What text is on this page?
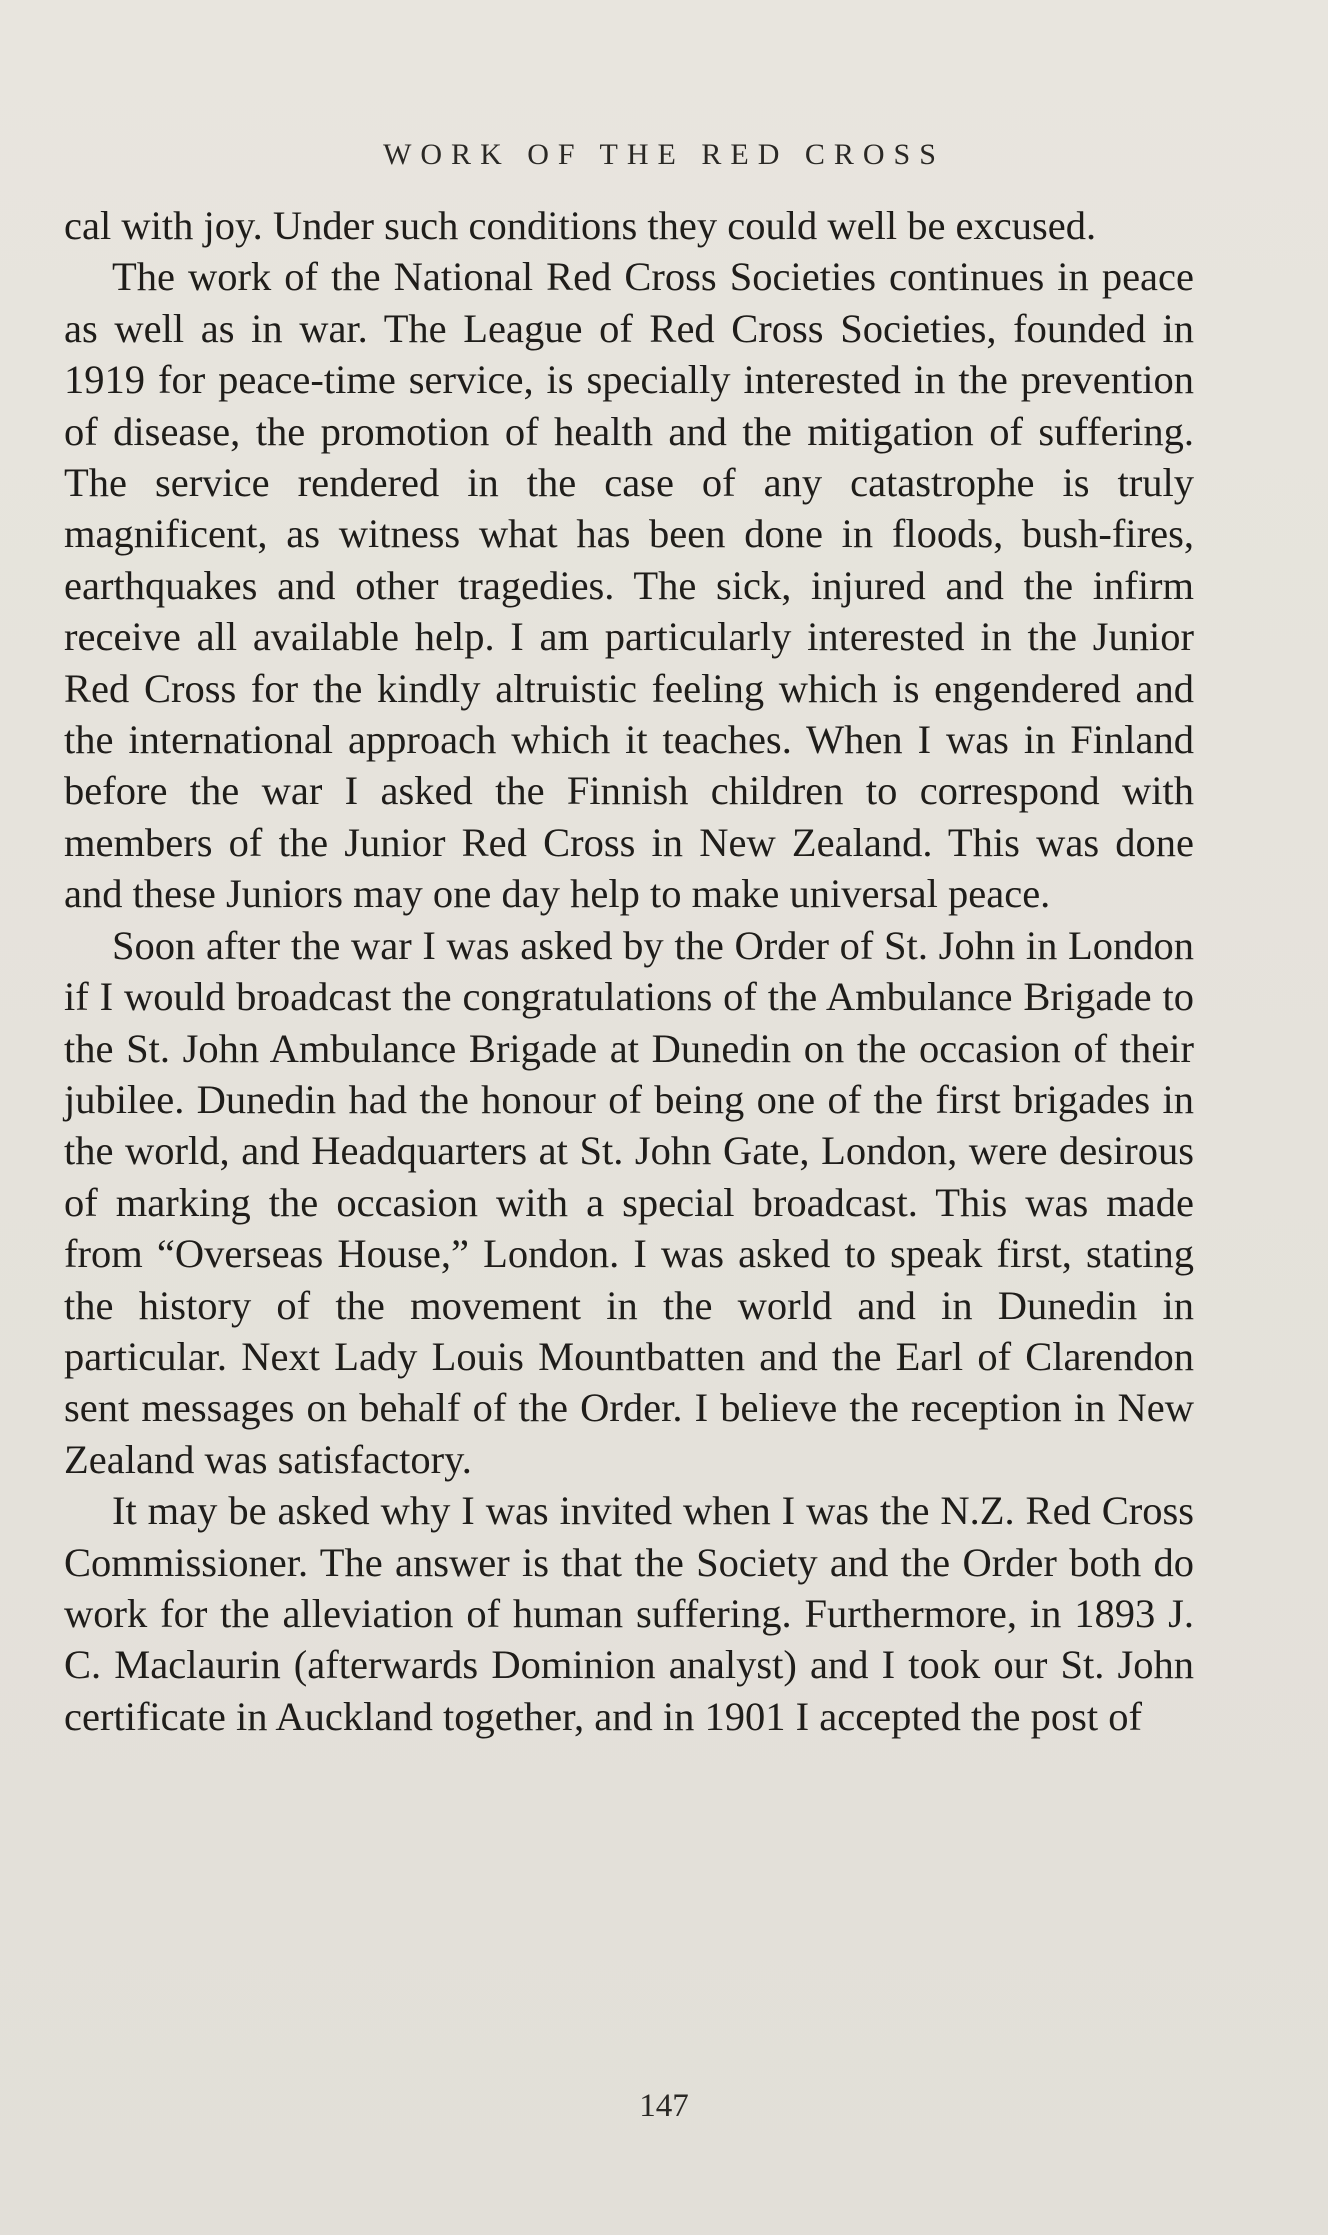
WORK OF THE RED CROSS

cal with joy. Under such conditions they could well be excused.

The work of the National Red Cross Societies continues in peace as well as in war. The League of Red Cross Societies, founded in 1919 for peace-time service, is specially interested in the prevention of disease, the promotion of health and the mitigation of suffering. The service rendered in the case of any catastrophe is truly magnificent, as witness what has been done in floods, bush-fires, earthquakes and other tragedies. The sick, injured and the infirm receive all available help. I am particularly interested in the Junior Red Cross for the kindly altruistic feeling which is engendered and the international approach which it teaches. When I was in Finland before the war I asked the Finnish children to correspond with members of the Junior Red Cross in New Zealand. This was done and these Juniors may one day help to make universal peace.

Soon after the war I was asked by the Order of St. John in London if I would broadcast the congratulations of the Ambulance Brigade to the St. John Ambulance Brigade at Dunedin on the occasion of their jubilee. Dunedin had the honour of being one of the first brigades in the world, and Headquarters at St. John Gate, London, were desirous of marking the occasion with a special broadcast. This was made from “Overseas House,” London. I was asked to speak first, stating the history of the movement in the world and in Dunedin in particular. Next Lady Louis Mountbatten and the Earl of Clarendon sent messages on behalf of the Order. I believe the reception in New Zealand was satisfactory.

It may be asked why I was invited when I was the N.Z. Red Cross Commissioner. The answer is that the Society and the Order both do work for the alleviation of human suffering. Furthermore, in 1893 J. C. Maclaurin (afterwards Dominion analyst) and I took our St. John certificate in Auckland together, and in 1901 I accepted the post of

147
